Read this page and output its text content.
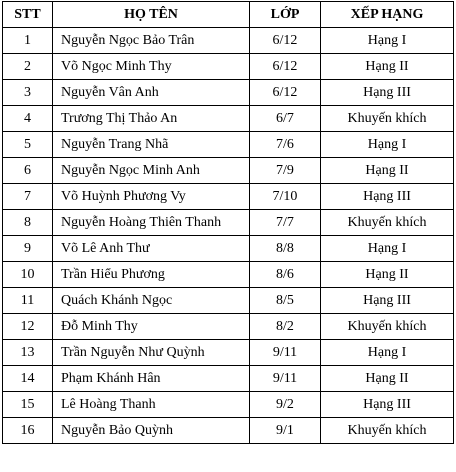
STT	HỌ TÊN	LỚP	XẾP HẠNG
1	Nguyễn Ngọc Bảo Trân	6/12	Hạng I
2	Võ Ngọc Minh Thy	6/12	Hạng II
3	Nguyễn Vân Anh	6/12	Hạng III
4	Trương Thị Thảo An	6/7	Khuyến khích
5	Nguyễn Trang Nhã	7/6	Hạng I
6	Nguyễn Ngọc Minh Anh	7/9	Hạng II
7	Võ Huỳnh Phương Vy	7/10	Hạng III
8	Nguyễn Hoàng Thiên Thanh	7/7	Khuyến khích
9	Võ Lê Anh Thư	8/8	Hạng I
10	Trần Hiểu Phương	8/6	Hạng II
11	Quách Khánh Ngọc	8/5	Hạng III
12	Đỗ Minh Thy	8/2	Khuyến khích
13	Trần Nguyễn Như Quỳnh	9/11	Hạng I
14	Phạm Khánh Hân	9/11	Hạng II
15	Lê Hoàng Thanh	9/2	Hạng III
16	Nguyễn Bảo Quỳnh	9/1	Khuyến khích
